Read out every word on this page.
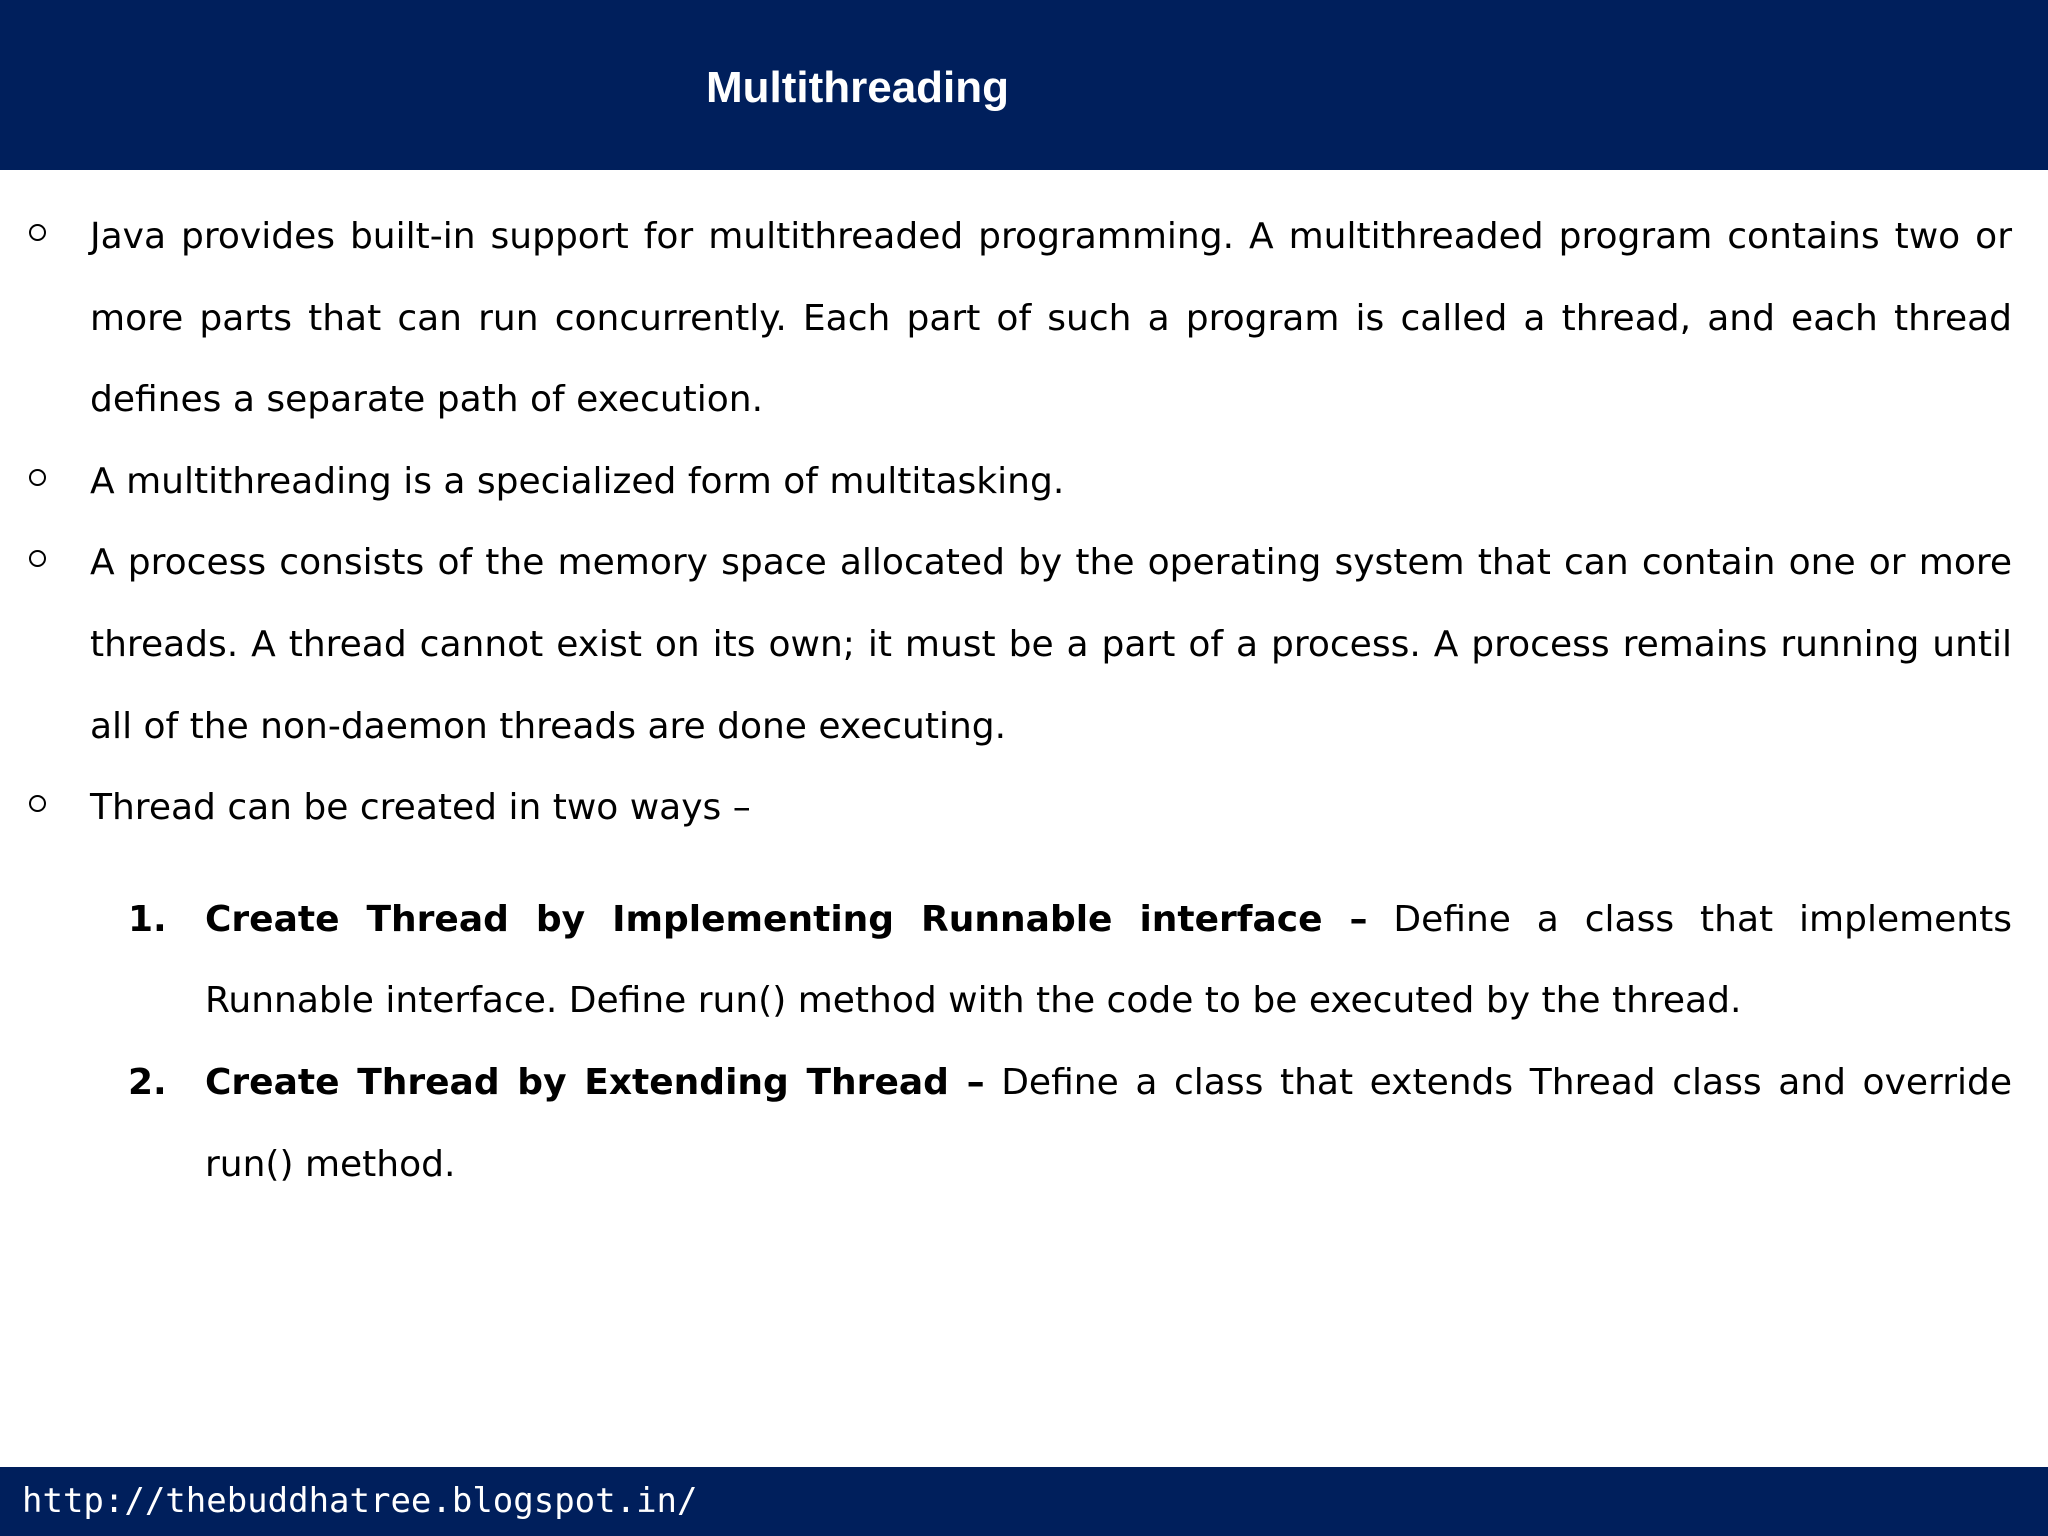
Multithreading

Java provides built-in support for multithreaded programming. A multithreaded program contains two or more parts that can run concurrently. Each part of such a program is called a thread, and each thread defines a separate path of execution.

A multithreading is a specialized form of multitasking.

A process consists of the memory space allocated by the operating system that can contain one or more threads. A thread cannot exist on its own; it must be a part of a process. A process remains running until all of the non-daemon threads are done executing.

Thread can be created in two ways –

1. Create Thread by Implementing Runnable interface – Define a class that implements Runnable interface. Define run() method with the code to be executed by the thread.

2. Create Thread by Extending Thread – Define a class that extends Thread class and override run() method.

http://thebuddhatree.blogspot.in/
